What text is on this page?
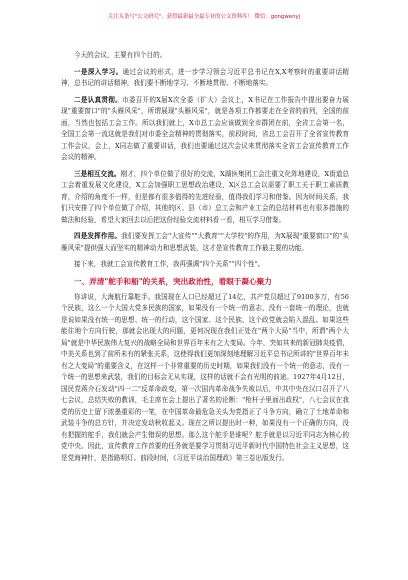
关注头条号"公文研究"，获得最新最全最专业的公文资料库！ 微信：gongwenyj

今天的会议，主要有四个目的。

一是深入学习。通过会议的形式，进一步学习领会习近平总书记在X,X考察时的重要讲话精神，总书记的讲话精神，我们要不断地学习、不断地贯彻、不断地落实。

二是认真贯彻。市委召开的X届X次全委（扩大）会议上，X书记在工作报告中提出要奋力展现"重要窗口"的"头雁风采"，所谓展现"头雁风采"，就是各项工作都要走在全省的前列，全国的前面，当然也包括工会工作。所以我们就上，X市总工会应该做到全市群团在前，全省工会第一名，全国工会第一流这就是我们对市委全会精神的贯彻落实，前段时间，省总工会召开了全省宣传教育工作会议，会上，X同志做了重要讲话，我们也要通过这次会议来贯彻落实全省工会宣传教育工作会议的精神。

三是相互交流。刚才，四个单位做了很好的交流，X湖医集团工会注重文化阵地建设，X街道总工会着重发展文化建设，X工会加强职工思想政治建设，X区总工会以需要了职工关于职工素质教育，介绍的角度不一样，但是都有很多值得的先进经验，值得我们学习和借鉴。因为时间关系，我们只安排了四个单位做了介绍，其他的区、县（市）总工会和产业工会的总结材料也有很多措施的做法和经验，希望大家回去以后把这份经验交流材料看一看，相互学习借鉴。

四是发挥作用。我们要发挥工会"大宣传""大教育""大学校"的作用，为X展现"重要窗口"的"头雁风采"提供强大而坚实的精神动力和思想武装，这才是宣传教育工作最主要的功能。

接下来，我就工会宣传教育工作，我再强调"四个关系""四个性"。

一、弄清"舵手和船"的关系，突出政治性，着眼于凝心聚力

你讲说，大海航行靠舵手。我国现在人口已经超过了14亿，共产党员超过了9100多万，有56个民族，这么一个大国大党多民族的国家，如果没有一个统一的意志，没有一套统一的理论，也就是说如果没有统一的思想、统一的行动，这个国家、这个民族、这个政党就会陷入混乱。如果这些能住地个方向行驶，那就会出现大的问题，更何况现在我们正处在"两个大局"当中，所谓"两个大局"就是中华民族伟大复兴的战略全局和世界百年未有之大变局。今年，突如其来的新冠肺炎疫情，中美关系也到了前所未有的紧张关系，这使得我们更加深刻地理解习近平总书记所讲的"世界百年未有之大变局"的重要含义，在这样一个非常重要的历史时期，如果我们没有一个统一的意志，没有一个统一的思想来武装，我们的目标会无从实现，这样的话就不会有光明的前途。1927年4月12日，国民党蒋介石发动"四一二"反革命政变，第一次国内革命战争失败以后，中共中央在汉口召开了八七会议，总结失败的教训，毛主席在会上提出了著名的论断："枪杆子里面出政权"，八七会议在我党的历史上留下浓墨重彩的一笔，在中国革命最危急关头为党指正了斗争方向，确立了土地革命和武装斗争的总方针，并决定发动秋收起义。现在之所以提出时一种，如果没有一个正确的方向，没有把握的舵手，我们就会产生错误的思想。那么这个舵手是谁呢？舵手就是以习近平同志为核心的党中央。因此，宣传教育工作首要的任务就是要学习贯彻习近平新时代中国特色社会主义思想，这是党海神针，是指路明灯。前段时间，《习近平谈治国理政》第三卷出版发行。
